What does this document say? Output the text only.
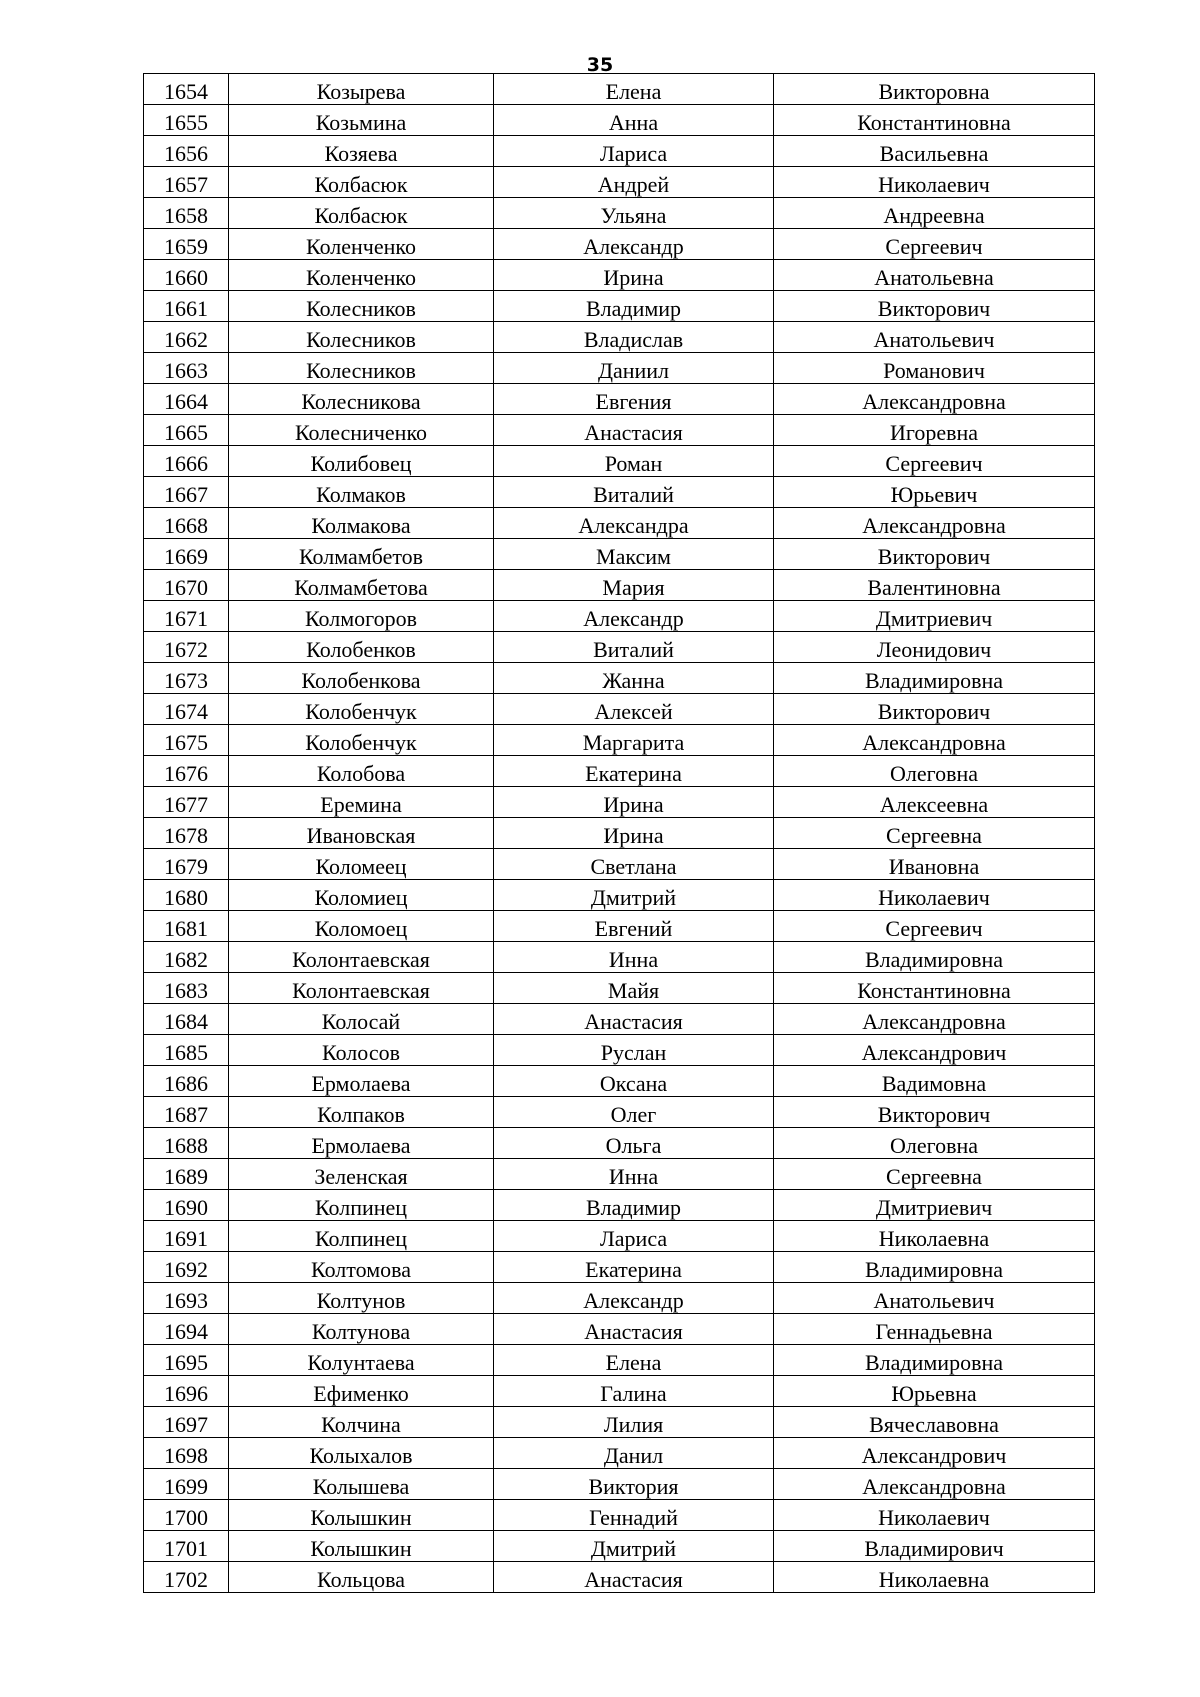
35
1654	Козырева	Елена	Викторовна
1655	Козьмина	Анна	Константиновна
1656	Козяева	Лариса	Васильевна
1657	Колбасюк	Андрей	Николаевич
1658	Колбасюк	Ульяна	Андреевна
1659	Коленченко	Александр	Сергеевич
1660	Коленченко	Ирина	Анатольевна
1661	Колесников	Владимир	Викторович
1662	Колесников	Владислав	Анатольевич
1663	Колесников	Даниил	Романович
1664	Колесникова	Евгения	Александровна
1665	Колесниченко	Анастасия	Игоревна
1666	Колибовец	Роман	Сергеевич
1667	Колмаков	Виталий	Юрьевич
1668	Колмакова	Александра	Александровна
1669	Колмамбетов	Максим	Викторович
1670	Колмамбетова	Мария	Валентиновна
1671	Колмогоров	Александр	Дмитриевич
1672	Колобенков	Виталий	Леонидович
1673	Колобенкова	Жанна	Владимировна
1674	Колобенчук	Алексей	Викторович
1675	Колобенчук	Маргарита	Александровна
1676	Колобова	Екатерина	Олеговна
1677	Еремина	Ирина	Алексеевна
1678	Ивановская	Ирина	Сергеевна
1679	Коломеец	Светлана	Ивановна
1680	Коломиец	Дмитрий	Николаевич
1681	Коломоец	Евгений	Сергеевич
1682	Колонтаевская	Инна	Владимировна
1683	Колонтаевская	Майя	Константиновна
1684	Колосай	Анастасия	Александровна
1685	Колосов	Руслан	Александрович
1686	Ермолаева	Оксана	Вадимовна
1687	Колпаков	Олег	Викторович
1688	Ермолаева	Ольга	Олеговна
1689	Зеленская	Инна	Сергеевна
1690	Колпинец	Владимир	Дмитриевич
1691	Колпинец	Лариса	Николаевна
1692	Колтомова	Екатерина	Владимировна
1693	Колтунов	Александр	Анатольевич
1694	Колтунова	Анастасия	Геннадьевна
1695	Колунтаева	Елена	Владимировна
1696	Ефименко	Галина	Юрьевна
1697	Колчина	Лилия	Вячеславовна
1698	Колыхалов	Данил	Александрович
1699	Колышева	Виктория	Александровна
1700	Колышкин	Геннадий	Николаевич
1701	Колышкин	Дмитрий	Владимирович
1702	Кольцова	Анастасия	Николаевна
